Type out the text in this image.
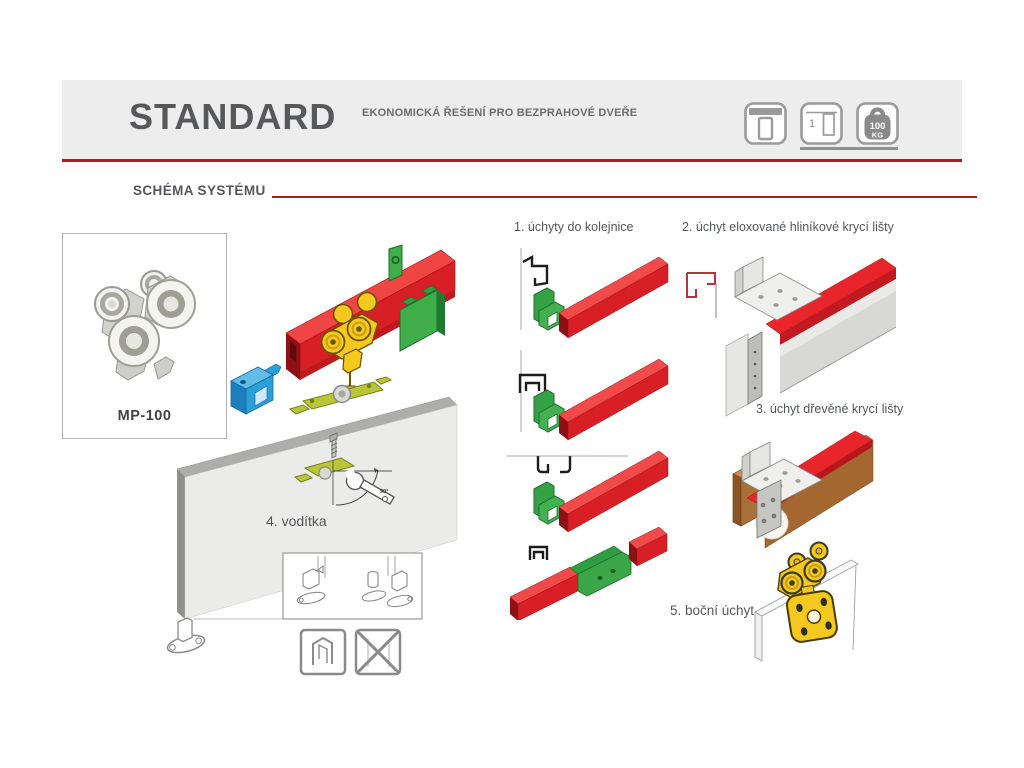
STANDARD EKONOMICKÁ ŘEŠENÍ PRO BEZPRAHOVÉ DVEŘE
1	100
KG
SCHÉMA SYSTÉMU
MP-100
90°
4. vodítka
1. úchyty do kolejnice	2. úchyt eloxované hliníkové krycí lišty
3. úchyt dřevěné krycí lišty
5. boční úchyt
